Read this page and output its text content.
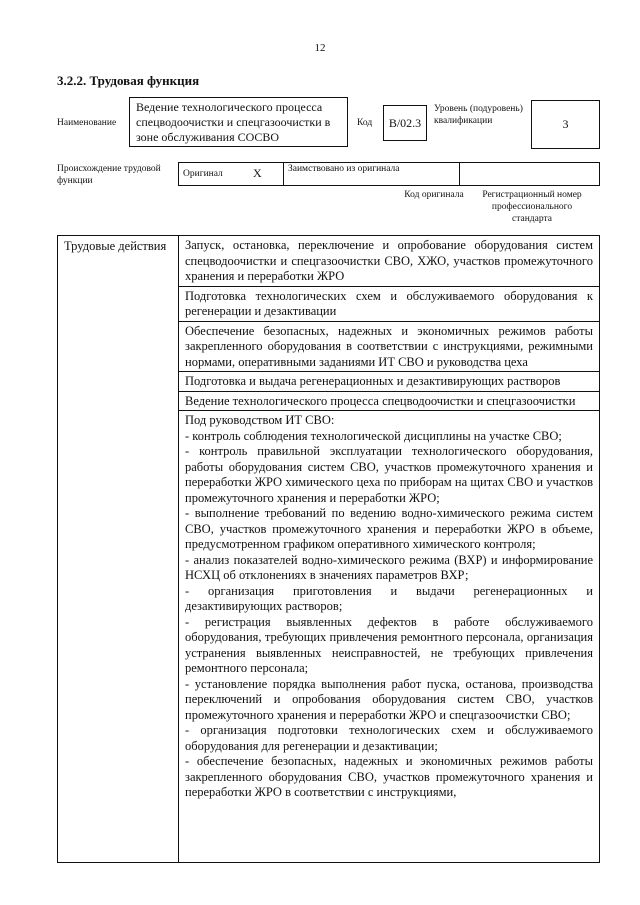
12
3.2.2. Трудовая функция
Наименование
Ведение технологического процесса спецводоочистки и спецгазоочистки в зоне обслуживания СОСВО
Код	В/02.3
Уровень (подуровень) квалификации	3
Происхождение трудовой функции
Оригинал	Х	Заимствовано из оригинала
Код оригинала	Регистрационный номер профессионального стандарта
Трудовые действия	Запуск, остановка, переключение и опробование оборудования систем спецводоочистки и спецгазоочистки СВО, ХЖО, участков промежуточного хранения и переработки ЖРО
Подготовка технологических схем и обслуживаемого оборудования к регенерации и дезактивации
Обеспечение безопасных, надежных и экономичных режимов работы закрепленного оборудования в соответствии с инструкциями, режимными нормами, оперативными заданиями ИТ СВО и руководства цеха
Подготовка и выдача регенерационных и дезактивирующих растворов
Ведение технологического процесса спецводоочистки и спецгазоочистки
Под руководством ИТ СВО:
- контроль соблюдения технологической дисциплины на участке СВО;
- контроль правильной эксплуатации технологического оборудования, работы оборудования систем СВО, участков промежуточного хранения и переработки ЖРО химического цеха по приборам на щитах СВО и участков промежуточного хранения и переработки ЖРО;
- выполнение требований по ведению водно-химического режима систем СВО, участков промежуточного хранения и переработки ЖРО в объеме, предусмотренном графиком оперативного химического контроля;
- анализ показателей водно-химического режима (ВХР) и информирование НСХЦ об отклонениях в значениях параметров ВХР;
- организация приготовления и выдачи регенерационных и дезактивирующих растворов;
- регистрация выявленных дефектов в работе обслуживаемого оборудования, требующих привлечения ремонтного персонала, организация устранения выявленных неисправностей, не требующих привлечения ремонтного персонала;
- установление порядка выполнения работ пуска, останова, производства переключений и опробования оборудования систем СВО, участков промежуточного хранения и переработки ЖРО и спецгазоочистки СВО;
- организация подготовки технологических схем и обслуживаемого оборудования для регенерации и дезактивации;
- обеспечение безопасных, надежных и экономичных режимов работы закрепленного оборудования СВО, участков промежуточного хранения и переработки ЖРО в соответствии с инструкциями,
